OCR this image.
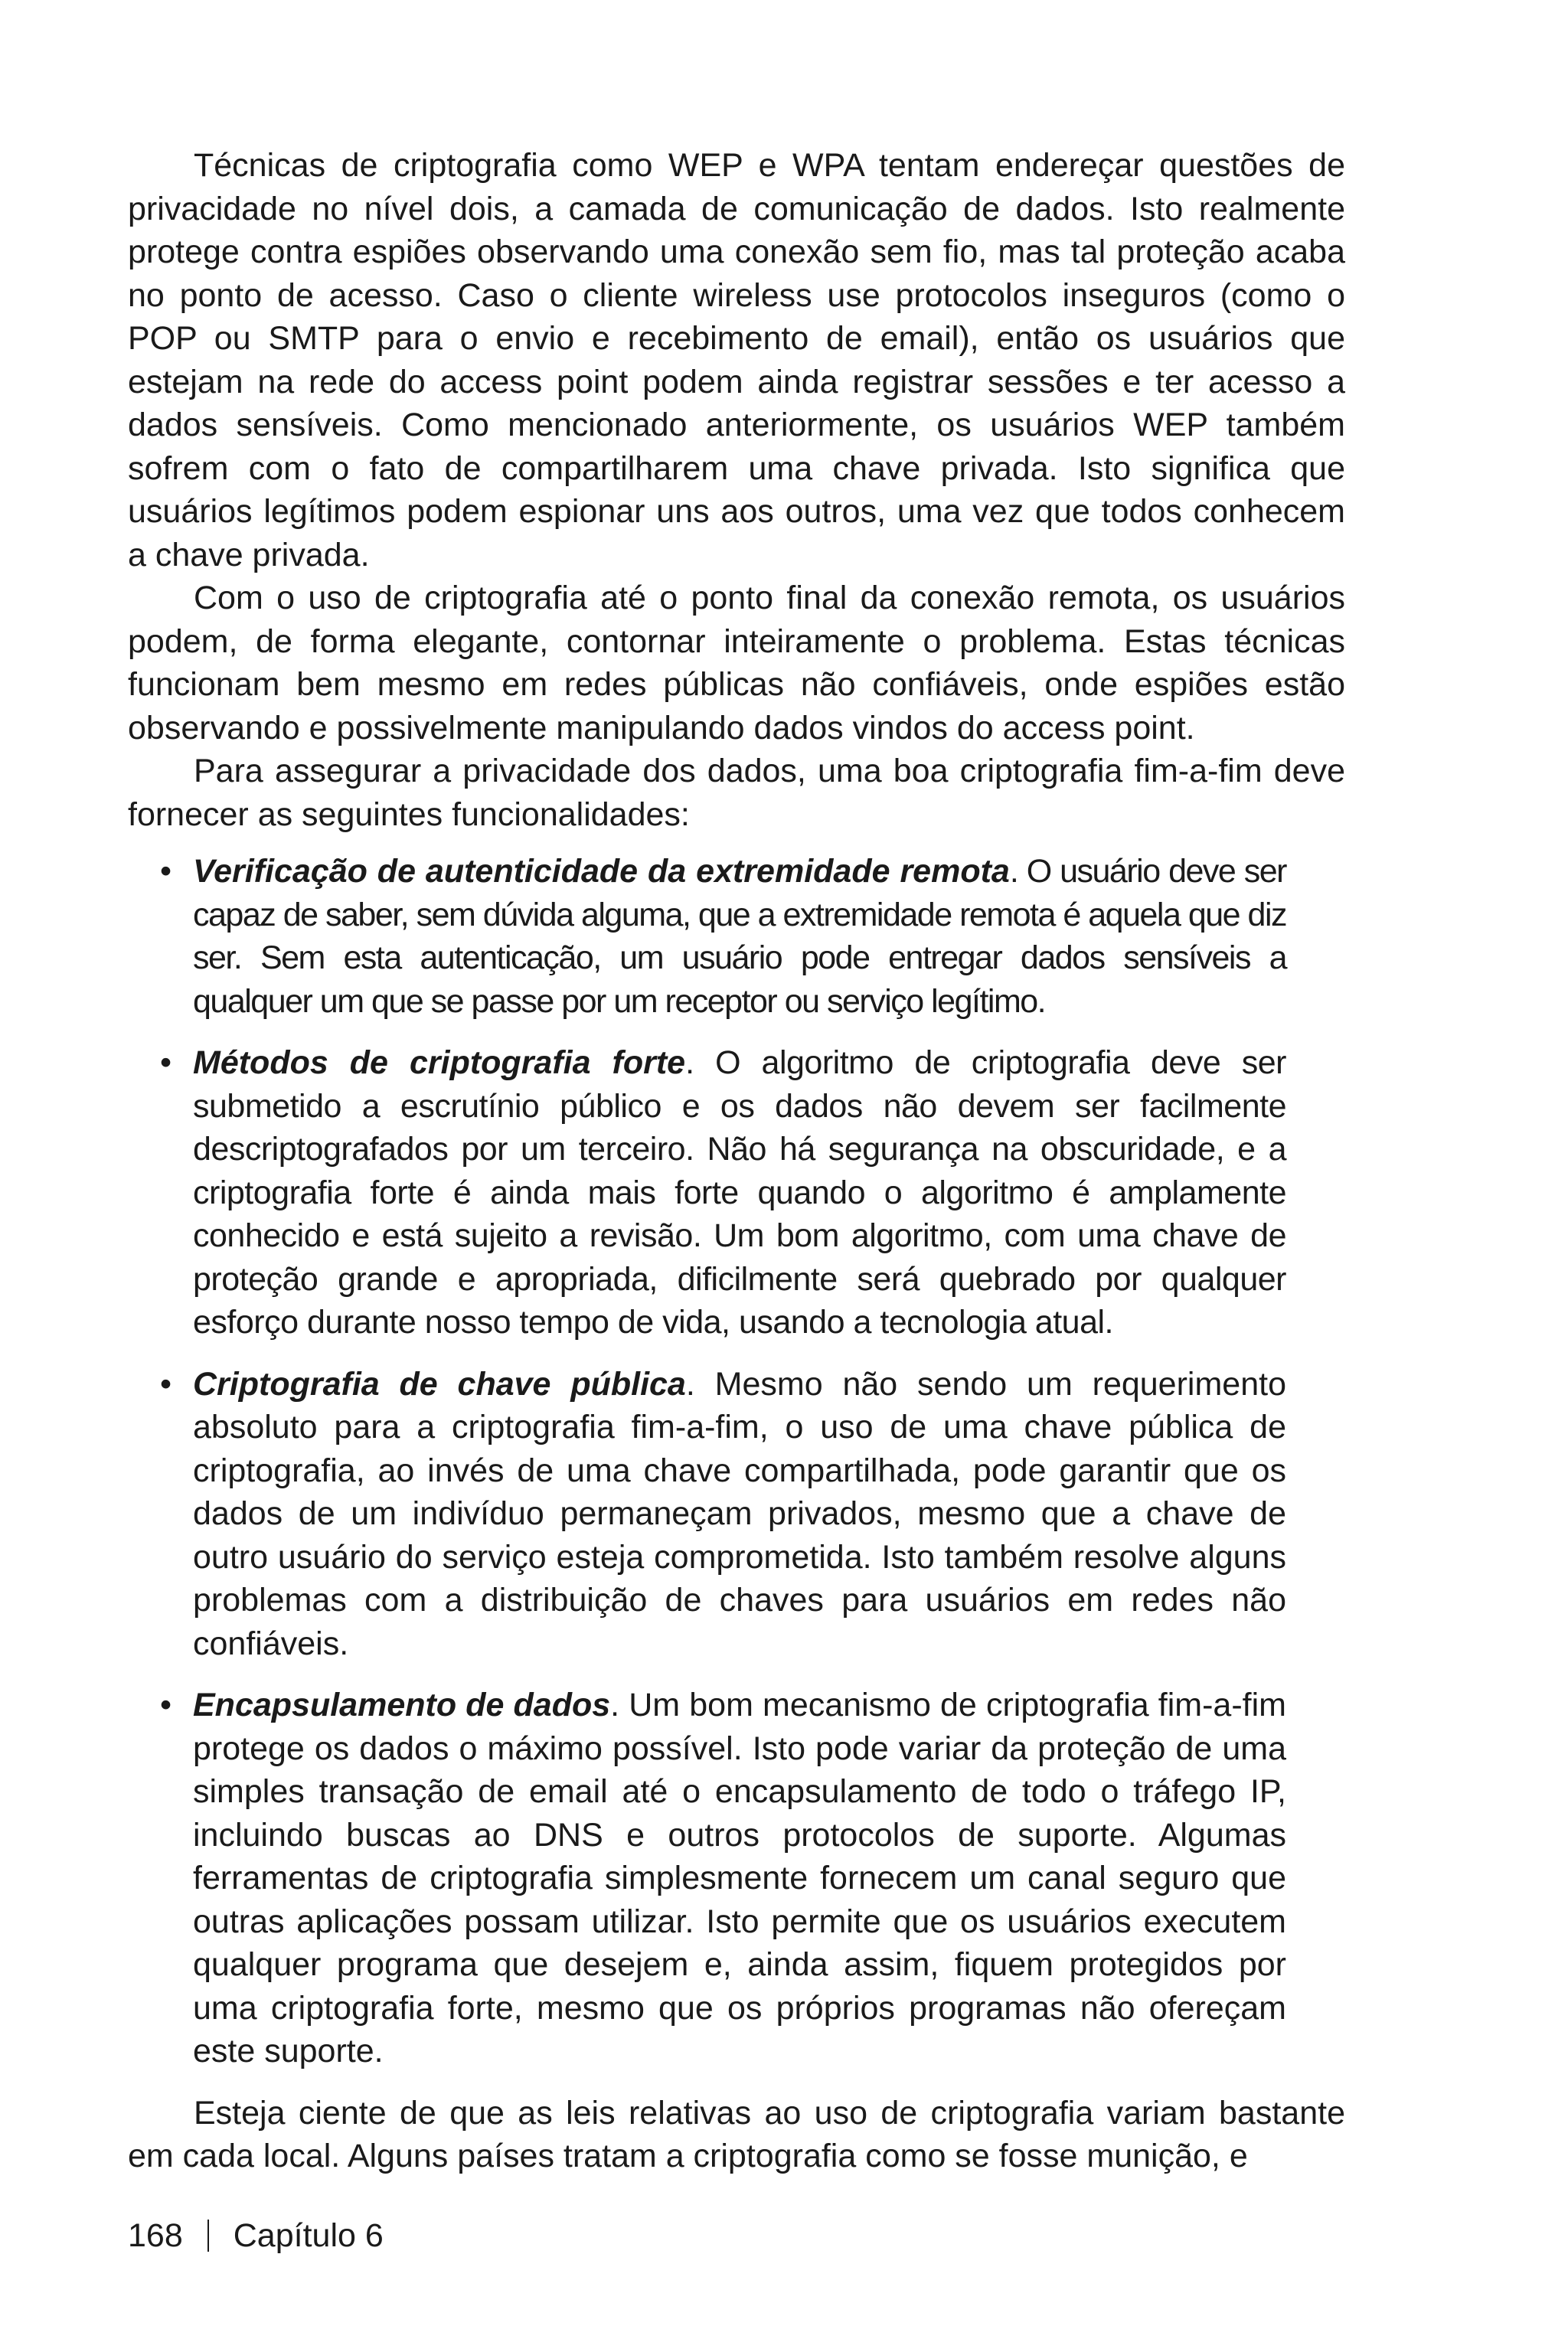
Técnicas de criptografia como WEP e WPA tentam endereçar questões de privacidade no nível dois, a camada de comunicação de dados. Isto realmente protege contra espiões observando uma conexão sem fio, mas tal proteção acaba no ponto de acesso. Caso o cliente wireless use protocolos inseguros (como o POP ou SMTP para o envio e recebimento de email), então os usuários que estejam na rede do access point podem ainda registrar sessões e ter acesso a dados sensíveis. Como mencionado anteriormente, os usuários WEP também sofrem com o fato de compartilharem uma chave privada. Isto significa que usuários legítimos podem espionar uns aos outros, uma vez que todos conhecem a chave privada.

Com o uso de criptografia até o ponto final da conexão remota, os usuários podem, de forma elegante, contornar inteiramente o problema. Estas técnicas funcionam bem mesmo em redes públicas não confiáveis, onde espiões estão observando e possivelmente manipulando dados vindos do access point.

Para assegurar a privacidade dos dados, uma boa criptografia fim-a-fim deve fornecer as seguintes funcionalidades:

• Verificação de autenticidade da extremidade remota. O usuário deve ser capaz de saber, sem dúvida alguma, que a extremidade remota é aquela que diz ser. Sem esta autenticação, um usuário pode entregar dados sensíveis a qualquer um que se passe por um receptor ou serviço legítimo.
• Métodos de criptografia forte. O algoritmo de criptografia deve ser submetido a escrutínio público e os dados não devem ser facilmente descriptografados por um terceiro. Não há segurança na obscuridade, e a criptografia forte é ainda mais forte quando o algoritmo é amplamente conhecido e está sujeito a revisão. Um bom algoritmo, com uma chave de proteção grande e apropriada, dificilmente será quebrado por qualquer esforço durante nosso tempo de vida, usando a tecnologia atual.
• Criptografia de chave pública. Mesmo não sendo um requerimento absoluto para a criptografia fim-a-fim, o uso de uma chave pública de criptografia, ao invés de uma chave compartilhada, pode garantir que os dados de um indivíduo permaneçam privados, mesmo que a chave de outro usuário do serviço esteja comprometida. Isto também resolve alguns problemas com a distribuição de chaves para usuários em redes não confiáveis.
• Encapsulamento de dados. Um bom mecanismo de criptografia fim-a-fim protege os dados o máximo possível. Isto pode variar da proteção de uma simples transação de email até o encapsulamento de todo o tráfego IP, incluindo buscas ao DNS e outros protocolos de suporte. Algumas ferramentas de criptografia simplesmente fornecem um canal seguro que outras aplicações possam utilizar. Isto permite que os usuários executem qualquer programa que desejem e, ainda assim, fiquem protegidos por uma criptografia forte, mesmo que os próprios programas não ofereçam este suporte.

Esteja ciente de que as leis relativas ao uso de criptografia variam bastante em cada local. Alguns países tratam a criptografia como se fosse munição, e

168 Capítulo 6
